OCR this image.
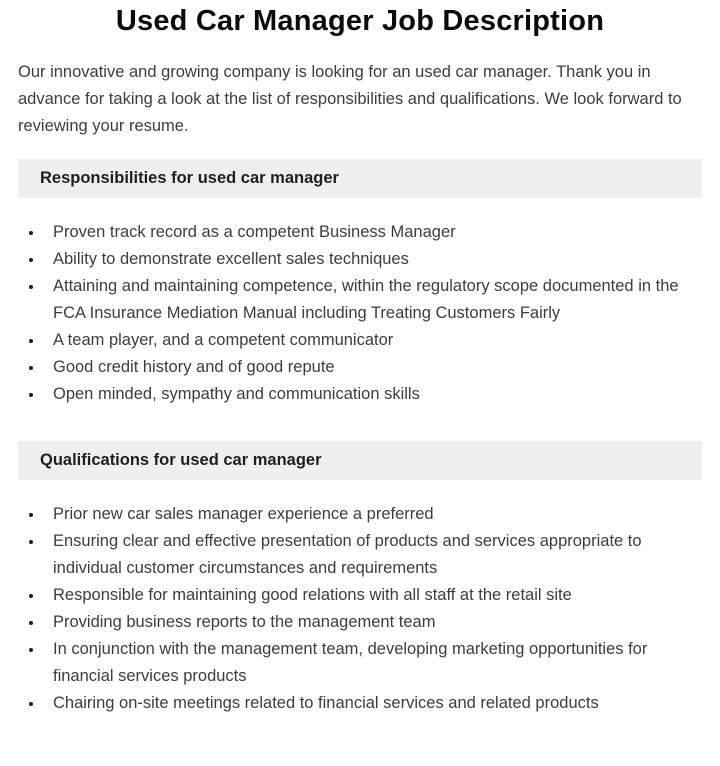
Used Car Manager Job Description

Our innovative and growing company is looking for an used car manager. Thank you in advance for taking a look at the list of responsibilities and qualifications. We look forward to reviewing your resume.

Responsibilities for used car manager
• Proven track record as a competent Business Manager
• Ability to demonstrate excellent sales techniques
• Attaining and maintaining competence, within the regulatory scope documented in the FCA Insurance Mediation Manual including Treating Customers Fairly
• A team player, and a competent communicator
• Good credit history and of good repute
• Open minded, sympathy and communication skills
Qualifications for used car manager
• Prior new car sales manager experience a preferred
• Ensuring clear and effective presentation of products and services appropriate to individual customer circumstances and requirements
• Responsible for maintaining good relations with all staff at the retail site
• Providing business reports to the management team
• In conjunction with the management team, developing marketing opportunities for financial services products
• Chairing on-site meetings related to financial services and related products
